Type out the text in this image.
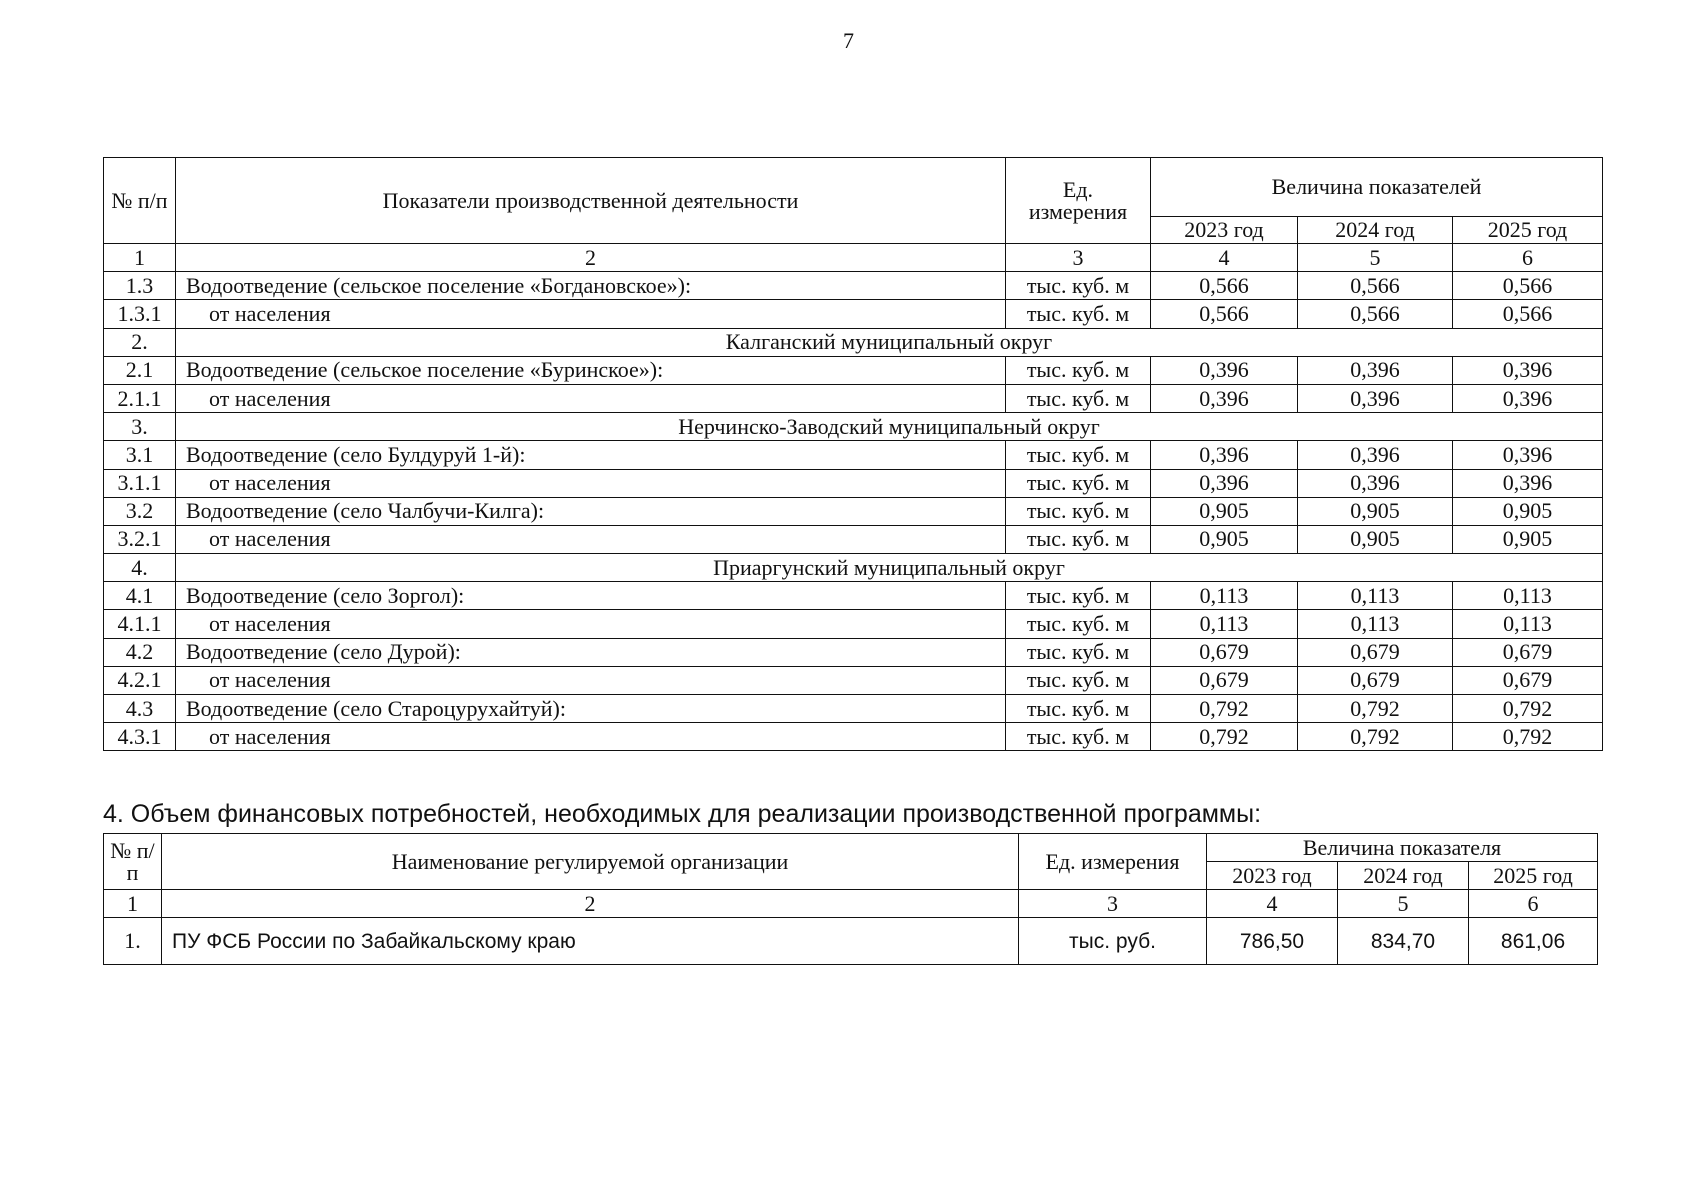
7
№ п/п	Показатели производственной деятельности	Ед. измерения	Величина показателей		
			2023 год	2024 год	2025 год
1	2	3	4	5	6
1.3	Водоотведение (сельское поселение «Богдановское»):	тыс. куб. м	0,566	0,566	0,566
1.3.1	от населения	тыс. куб. м	0,566	0,566	0,566
2.	Калганский муниципальный округ				
2.1	Водоотведение (сельское поселение «Буринское»):	тыс. куб. м	0,396	0,396	0,396
2.1.1	от населения	тыс. куб. м	0,396	0,396	0,396
3.	Нерчинско-Заводский муниципальный округ				
3.1	Водоотведение (село Булдуруй 1-й):	тыс. куб. м	0,396	0,396	0,396
3.1.1	от населения	тыс. куб. м	0,396	0,396	0,396
3.2	Водоотведение (село Чалбучи-Килга):	тыс. куб. м	0,905	0,905	0,905
3.2.1	от населения	тыс. куб. м	0,905	0,905	0,905
4.	Приаргунский муниципальный округ				
4.1	Водоотведение (село Зоргол):	тыс. куб. м	0,113	0,113	0,113
4.1.1	от населения	тыс. куб. м	0,113	0,113	0,113
4.2	Водоотведение (село Дурой):	тыс. куб. м	0,679	0,679	0,679
4.2.1	от населения	тыс. куб. м	0,679	0,679	0,679
4.3	Водоотведение (село Староцурухайтуй):	тыс. куб. м	0,792	0,792	0,792
4.3.1	от населения	тыс. куб. м	0,792	0,792	0,792
4. Объем финансовых потребностей, необходимых для реализации производственной программы:
№ п/п	Наименование регулируемой организации	Ед. измерения	Величина показателя		
			2023 год	2024 год	2025 год
1	2	3	4	5	6
1.	ПУ ФСБ России по Забайкальскому краю	тыс. руб.	786,50	834,70	861,06
